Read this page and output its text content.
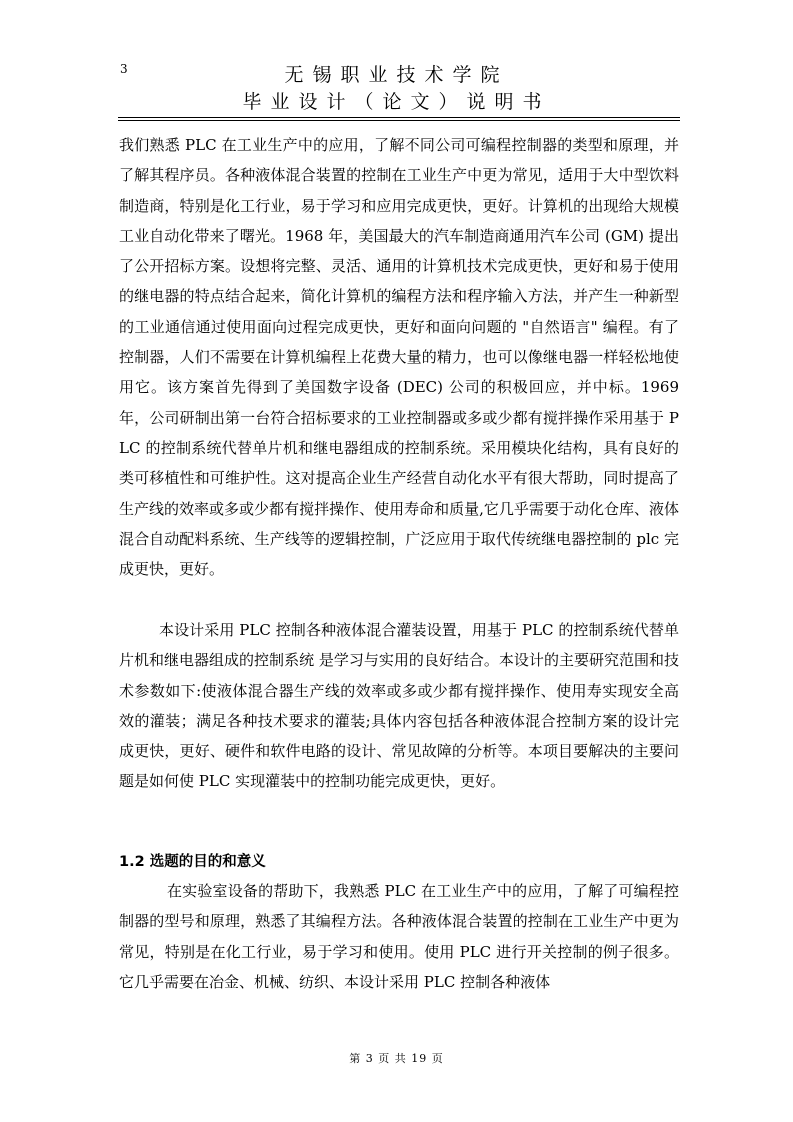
3	无锡职业技术学院
毕业设计（论文）说明书

我们熟悉 PLC 在工业生产中的应用，了解不同公司可编程控制器的类型和原理，并了解其程序员。各种液体混合装置的控制在工业生产中更为常见，适用于大中型饮料制造商，特别是化工行业，易于学习和应用完成更快，更好。计算机的出现给大规模工业自动化带来了曙光。1968 年，美国最大的汽车制造商通用汽车公司 (GM) 提出了公开招标方案。设想将完整、灵活、通用的计算机技术完成更快，更好和易于使用的继电器的特点结合起来，简化计算机的编程方法和程序输入方法，并产生一种新型的工业通信通过使用面向过程完成更快，更好和面向问题的 "自然语言" 编程。有了控制器，人们不需要在计算机编程上花费大量的精力，也可以像继电器一样轻松地使用它。该方案首先得到了美国数字设备 (DEC) 公司的积极回应，并中标。1969 年，公司研制出第一台符合招标要求的工业控制器或多或少都有搅拌操作采用基于 PLC 的控制系统代替单片机和继电器组成的控制系统。采用模块化结构，具有良好的类可移植性和可维护性。这对提高企业生产经营自动化水平有很大帮助，同时提高了生产线的效率或多或少都有搅拌操作、使用寿命和质量,它几乎需要于动化仓库、液体混合自动配料系统、生产线等的逻辑控制，广泛应用于取代传统继电器控制的 plc 完成更快，更好。

本设计采用 PLC 控制各种液体混合灌装设置，用基于 PLC 的控制系统代替单片机和继电器组成的控制系统 是学习与实用的良好结合。本设计的主要研究范围和技术参数如下:使液体混合器生产线的效率或多或少都有搅拌操作、使用寿实现安全高效的灌装；满足各种技术要求的灌装;具体内容包括各种液体混合控制方案的设计完成更快，更好、硬件和软件电路的设计、常见故障的分析等。本项目要解决的主要问题是如何使 PLC 实现灌装中的控制功能完成更快，更好。

1.2 选题的目的和意义

在实验室设备的帮助下，我熟悉 PLC 在工业生产中的应用，了解了可编程控制器的型号和原理，熟悉了其编程方法。各种液体混合装置的控制在工业生产中更为常见，特别是在化工行业，易于学习和使用。使用 PLC 进行开关控制的例子很多。它几乎需要在冶金、机械、纺织、本设计采用 PLC 控制各种液体

第 3 页 共 19 页
